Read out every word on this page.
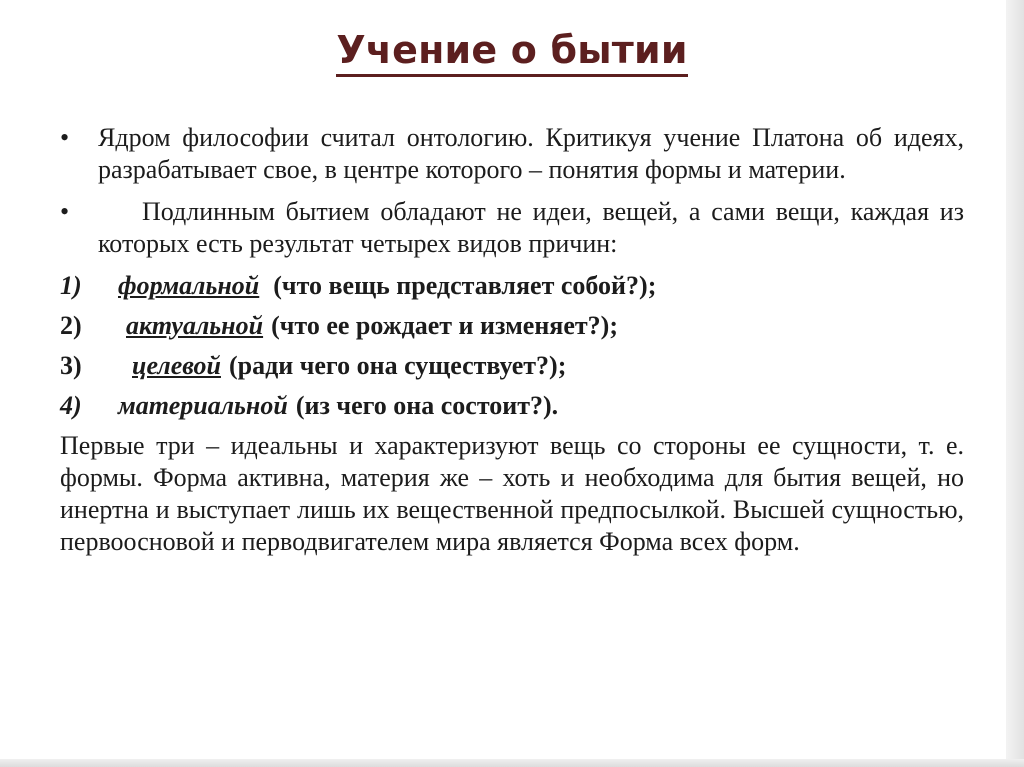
Учение о бытии
• Ядром философии считал онтологию. Критикуя учение Платона об идеях, разрабатывает свое, в центре которого – понятия формы и материи.

•	Подлинным бытием обладают не идеи, вещей, а сами вещи, каждая из которых есть результат четырех видов причин:

1) формальной (что вещь представляет собой?);
2) актуальной (что ее рождает и изменяет?);
3) целевой (ради чего она существует?);
4) материальной (из чего она состоит?).

Первые три – идеальны и характеризуют вещь со стороны ее сущности, т. е. формы. Форма активна, материя же – хоть и необходима для бытия вещей, но инертна и выступает лишь их вещественной предпосылкой. Высшей сущностью, первоосновой и перводвигателем мира является Форма всех форм.
